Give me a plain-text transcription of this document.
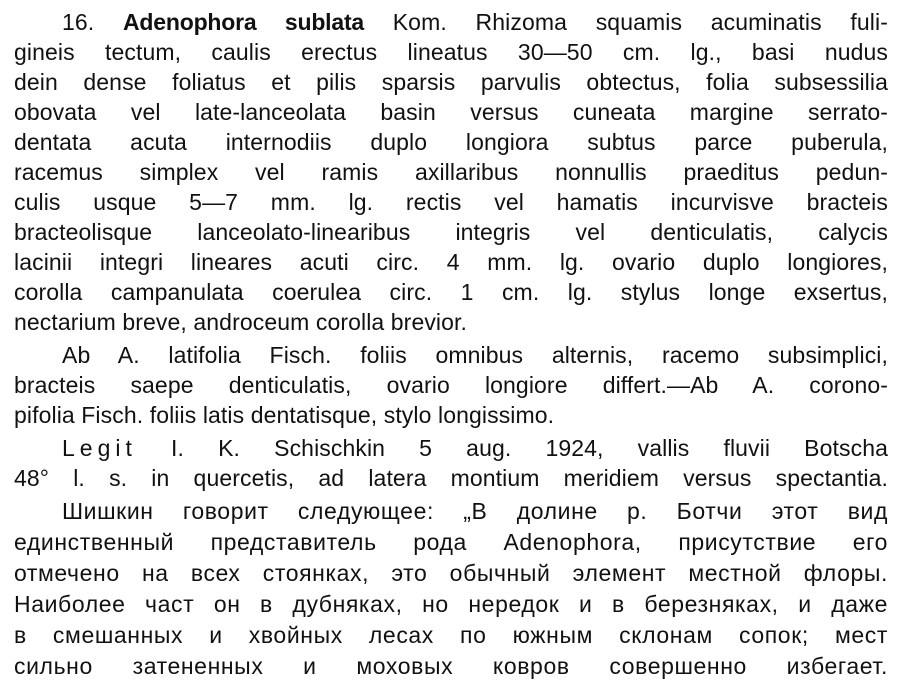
16. Adenophora sublata Kom. Rhizoma squamis acuminatis fuli-
gineis tectum, caulis erectus lineatus 30—50 cm. lg., basi nudus
dein dense foliatus et pilis sparsis parvulis obtectus, folia subsessilia
obovata vel late-lanceolata basin versus cuneata margine serrato-
dentata acuta internodiis duplo longiora subtus parce puberula,
racemus simplex vel ramis axillaribus nonnullis praeditus pedun-
culis usque 5—7 mm. lg. rectis vel hamatis incurvisve bracteis
bracteolisque lanceolato-linearibus integris vel denticulatis, calycis
lacinii integri lineares acuti circ. 4 mm. lg. ovario duplo longiores,
corolla campanulata coerulea circ. 1 cm. lg. stylus longe exsertus,
nectarium breve, androceum corolla brevior.
Ab A. latifolia Fisch. foliis omnibus alternis, racemo subsimplici,
bracteis saepe denticulatis, ovario longiore differt.—Ab A. corono-
pifolia Fisch. foliis latis dentatisque, stylo longissimo.
Legit I. K. Schischkin 5 aug. 1924, vallis fluvii Botscha
48° l. s. in quercetis, ad latera montium meridiem versus spectantia.
Шишкин говорит следующее: „В долине р. Ботчи этот вид
единственный представитель рода Adenophora, присутствие его
отмечено на всех стоянках, это обычный элемент местной флоры.
Наиболее част он в дубняках, но нередок и в березняках, и даже
в смешанных и хвойных лесах по южным склонам сопок; мест
сильно затененных и моховых ковров совершенно избегает.
